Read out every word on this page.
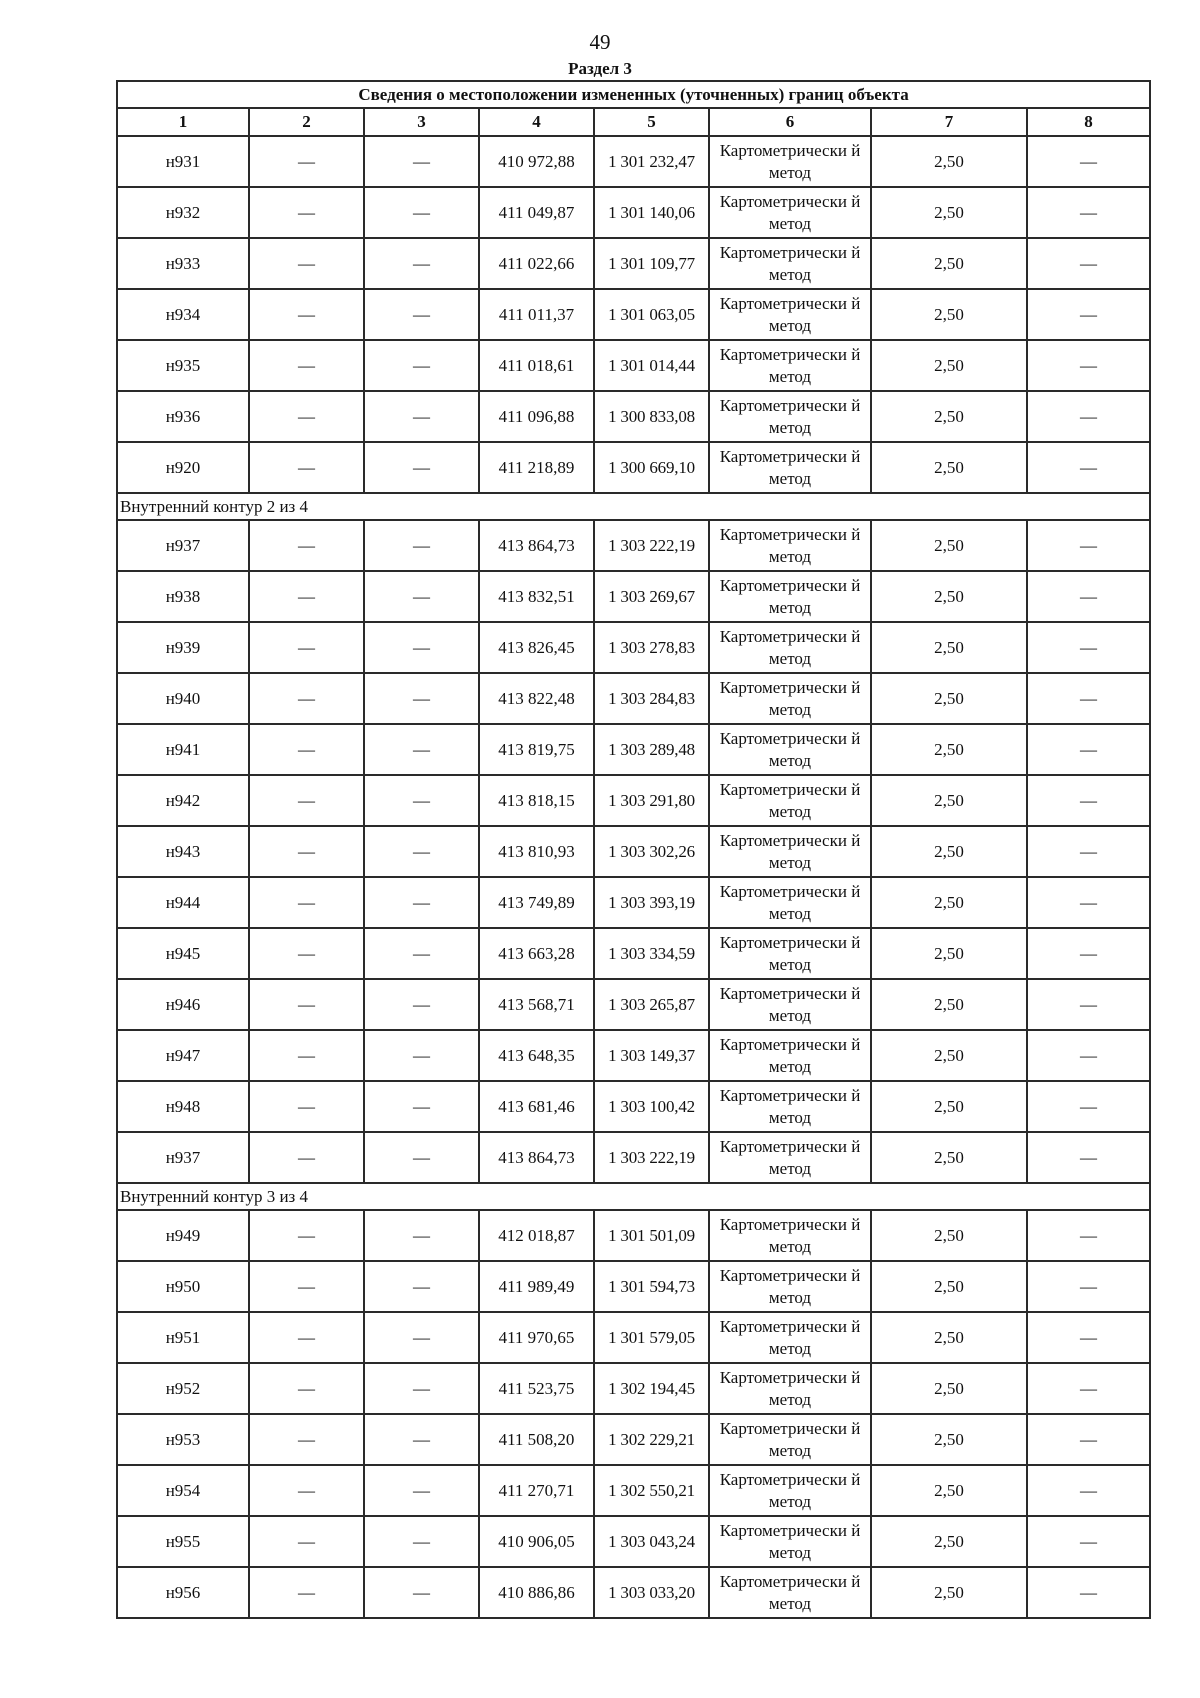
49
Раздел 3
Сведения о местоположении измененных (уточненных) границ объекта							
1	2	3	4	5	6	7	8
н931	—	—	410 972,88	1 301 232,47	Картометрически й метод	2,50	—
н932	—	—	411 049,87	1 301 140,06	Картометрически й метод	2,50	—
н933	—	—	411 022,66	1 301 109,77	Картометрически й метод	2,50	—
н934	—	—	411 011,37	1 301 063,05	Картометрически й метод	2,50	—
н935	—	—	411 018,61	1 301 014,44	Картометрически й метод	2,50	—
н936	—	—	411 096,88	1 300 833,08	Картометрически й метод	2,50	—
н920	—	—	411 218,89	1 300 669,10	Картометрически й метод	2,50	—
Внутренний контур 2 из 4							
н937	—	—	413 864,73	1 303 222,19	Картометрически й метод	2,50	—
н938	—	—	413 832,51	1 303 269,67	Картометрически й метод	2,50	—
н939	—	—	413 826,45	1 303 278,83	Картометрически й метод	2,50	—
н940	—	—	413 822,48	1 303 284,83	Картометрически й метод	2,50	—
н941	—	—	413 819,75	1 303 289,48	Картометрически й метод	2,50	—
н942	—	—	413 818,15	1 303 291,80	Картометрически й метод	2,50	—
н943	—	—	413 810,93	1 303 302,26	Картометрически й метод	2,50	—
н944	—	—	413 749,89	1 303 393,19	Картометрически й метод	2,50	—
н945	—	—	413 663,28	1 303 334,59	Картометрически й метод	2,50	—
н946	—	—	413 568,71	1 303 265,87	Картометрически й метод	2,50	—
н947	—	—	413 648,35	1 303 149,37	Картометрически й метод	2,50	—
н948	—	—	413 681,46	1 303 100,42	Картометрически й метод	2,50	—
н937	—	—	413 864,73	1 303 222,19	Картометрически й метод	2,50	—
Внутренний контур 3 из 4							
н949	—	—	412 018,87	1 301 501,09	Картометрически й метод	2,50	—
н950	—	—	411 989,49	1 301 594,73	Картометрически й метод	2,50	—
н951	—	—	411 970,65	1 301 579,05	Картометрически й метод	2,50	—
н952	—	—	411 523,75	1 302 194,45	Картометрически й метод	2,50	—
н953	—	—	411 508,20	1 302 229,21	Картометрически й метод	2,50	—
н954	—	—	411 270,71	1 302 550,21	Картометрически й метод	2,50	—
н955	—	—	410 906,05	1 303 043,24	Картометрически й метод	2,50	—
н956	—	—	410 886,86	1 303 033,20	Картометрически й метод	2,50	—
